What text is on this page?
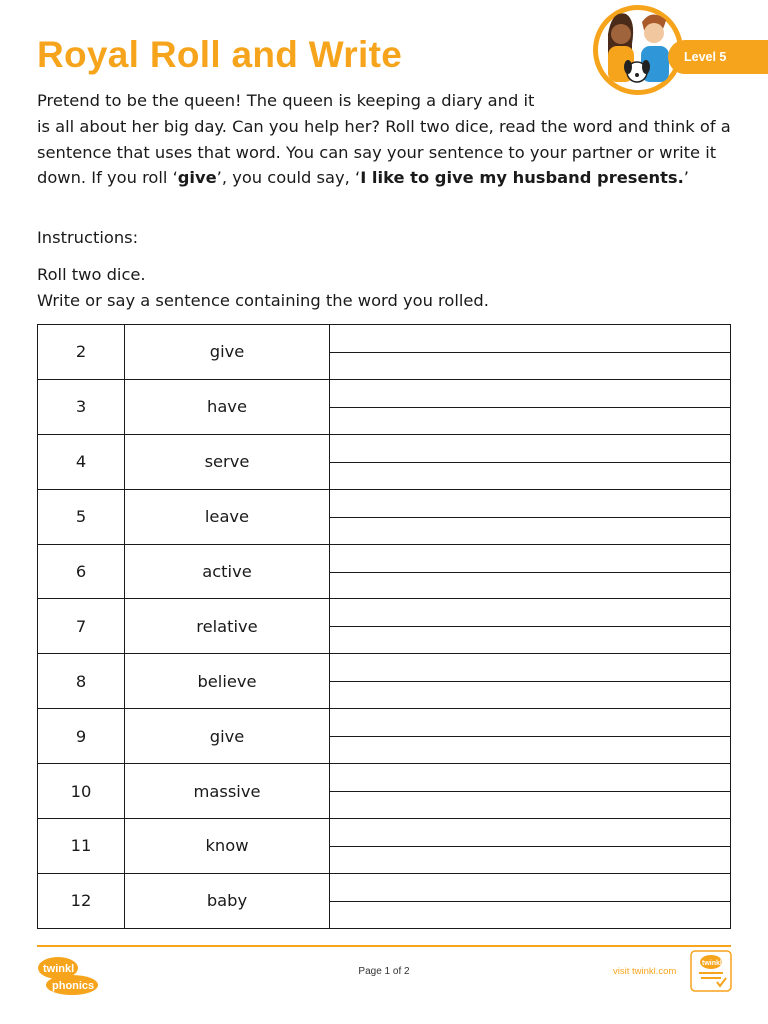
Royal Roll and Write	Level 5

Pretend to be the queen! The queen is keeping a diary and it
is all about her big day. Can you help her? Roll two dice, read the word and think of a sentence that uses that word. You can say your sentence to your partner or write it down. If you roll ‘give’, you could say, ‘I like to give my husband presents.’

Instructions:

Roll two dice.
Write or say a sentence containing the word you rolled.

2	give	

3	have	

4	serve	

5	leave	

6	active	

7	relative	

8	believe	

9	give	

10	massive	

11	know	

12	baby	
twinkl
phonics
Page 1 of 2	visit twinkl.com
twinkl
